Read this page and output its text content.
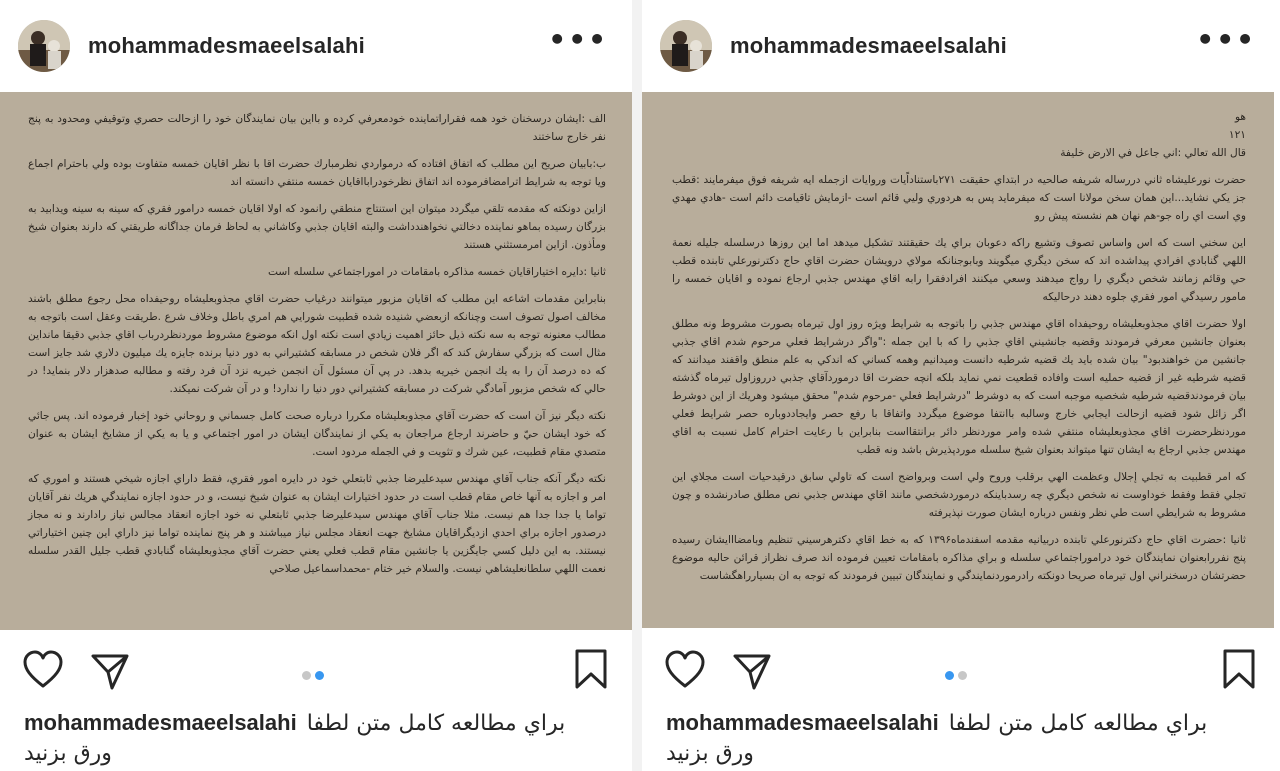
mohammadesmaeelsalahi	•••

الف :ايشان درسخنان خود همه فقراراتماينده خودمعرفي كرده و بااين بيان نمايندگان خود را ازحالت حصري وتوقيفي ومحدود به پنج نفر خارج ساختند

ب:بابيان صريح اين مطلب كه اتفاق افتاده كه درمواردي نظرمبارك حضرت اقا با نظر اقايان خمسه متفاوت بوده ولي باحترام اجماع ويا توجه به شرايط اترامضافرموده اند اتفاق نظرخودرابااقايان خمسه منتفي دانسته اند

ازاين دونكته كه مقدمه تلقي ميگردد ميتوان اين استنتاج منطقي رانمود كه اولا اقايان خمسه درامور فقري كه سينه به سينه ويدابيد به بزرگان رسيده بماهو نماينده دخالتي نخواهندداشت والبته اقايان جذبي وكاشاني به لحاظ فرمان جداگانه طريقتي كه دارند بعنوان شيخ ومأذون. ازاين امرمستثني هستند

ثانيا :دايره اختياراقايان خمسه مذاكره بامقامات در اموراجتماعي سلسله است

بنابراين مقدمات اشاعه اين مطلب كه اقايان مزبور ميتوانند درغياب حضرت اقاي مجذوبعليشاه روحيفداه محل رجوع مطلق باشند مخالف اصول تصوف است وچنانكه ازبعضي شنيده شده قطبيت شورايي هم امري باطل وخلاف شرع .طريقت وعقل است باتوجه به مطالب معنونه توجه به سه نكته ذيل حائز اهميت زيادي است نكته اول انكه موضوع مشروط موردنظردرباب اقاي جذبي دقيقا مانداين مثال است كه بزرگي سفارش كند كه اگر فلان شخص در مسابقه كشتيراني به دور دنيا برنده جايزه يك ميليون دلاري شد جايز است كه ده درصد آن را به يك انجمن خيريه بدهد. در پي آن مسئول آن انجمن خيريه نزد آن فرد رفته و مطالبه صدهزار دلار بنمايد! در حالي كه شخص مزبور آمادگي شركت در مسابقه كشتيراني دور دنيا را ندارد! و در آن شركت نميكند.

نكته ديگر نيز آن است كه حضرت آقاي مجذوبعليشاه مكررا درباره صحت كامل جسماني و روحاني خود إخبار فرموده اند. پس جائي كه خود ايشان حيّ و حاضرند ارجاع مراجعان به يكي از نمايندگان ايشان در امور اجتماعي و يا به يكي از مشايخ ايشان به عنوان متصدي مقام قطبيت، عين شرك و تثويت و في الجمله مردود است.

نكته ديگر آنكه جناب آقاي مهندس سيدعليرضا جذبي ثابتعلي خود در دايره امور فقري، فقط داراي اجازه شيخي هستند و اموري كه امر و اجازه به آنها خاص مقام قطب است در حدود اختيارات ايشان به عنوان شيخ نيست، و در حدود اجازه نمايندگي هريك نفر آقايان تواما يا جدا جدا هم نيست. مثلا جناب آقاي مهندس سيدعليرضا جذبي ثابتعلي نه خود اجازه انعقاد مجالس نياز رادارند و نه مجاز درصدور اجازه براي احدي ازديگراقايان مشايخ جهت انعقاد مجلس نياز ميباشند و هر پنج نماينده تواما نيز داراي اين چنين اختياراتي نيستند. به اين دليل كسي جايگزين يا جانشين مقام قطب فعلي يعني حضرت آقاي مجذوبعليشاه گنابادي قطب جليل القدر سلسله نعمت اللهي سلطانعليشاهي نيست. والسلام خير ختام -محمداسماعيل صلاحي

mohammadesmaeelsalahi براي مطالعه كامل متن لطفا
ورق بزنيد
mohammadesmaeelsalahi	•••

هو

۱۲۱

قال الله تعالي :اني جاعل في الارض خليفة

حضرت نورعليشاه ثاني دررساله شريفه صالحيه در ابتداي حقيقت ۲۷۱باستناداًيات وروايات ازجمله ايه شريفه فوق ميفرمايند :قطب جز يكي نشايد...اين همان سخن مولانا است كه ميفرمايد پس به هردوري وليي قائم است -ازمايش تاقيامت دائم است -هادي مهدي وي است اي راه جو-هم نهان هم نشسته پيش رو

اين سخني است كه اس واساس تصوف وتشيع راكه دعوبان براي يك حقيقتند تشكيل ميدهد اما اين روزها درسلسله جليله نعمة اللهي گنابادي افرادي پيداشده اند كه سخن ديگري ميگويند وبابوجنانكه مولاي درويشان حضرت اقاي حاج دكترنورعلي تابنده قطب حي وقائم زمانند شخص ديگري را رواج ميدهند وسعي ميكنند افرادفقرا رابه اقاي مهندس جذبي ارجاع نموده و اقايان خمسه را مامور رسيدگي امور فقري جلوه دهند درحاليكه

اولا حضرت اقاي مجذوبعليشاه روحيفداه اقاي مهندس جذبي را باتوجه به شرايط ويژه روز اول تيرماه بصورت مشروط ونه مطلق بعنوان جانشين معرفي فرمودند وقضيه جانشيني اقاي جذبي را كه با اين جمله :"واگر درشرايط فعلي مرحوم شدم اقاي جذبي جانشين من خواهندبود" بيان شده بايد يك قضيه شرطيه دانست وميدانيم وهمه كساني كه اندكي به علم منطق واقفند ميدانند كه قضيه شرطيه غير از قضيه حمليه است وافاده قطعيت نمي نمايد بلكه انچه حضرت اقا درموردآقاي جذبي درروزاول تيرماه گذشته بيان فرمودندقضيه شرطيه شخصيه موجبه است كه به دوشرط "درشرايط فعلي -مرحوم شدم" محقق ميشود وهريك از اين دوشرط اگر زائل شود قضيه ازحالت ايجابي خارج وسالبه باانتفا موضوع ميگردد واتفاقا با رفع حصر وايجاددوباره حصر شرايط فعلي موردنظرحضرت اقاي مجذوبعليشاه منتفي شده وامر موردنظر دائر برانتقااست بنابراين با رعايت احترام كامل نسبت به اقاي مهندس جذبي ارجاع به ايشان تنها ميتواند بعنوان شيخ سلسله موردپذيرش باشد ونه قطب

كه امر قطبيت به تجلي إجلال وعظمت الهي برقلب وروح ولي است وبرواضح است كه تاولي سابق درقيدحيات است مجلاي اين تجلي فقط وفقط خوداوست نه شخص ديگري چه رسدباينكه درموردشخصي مانند اقاي مهندس جذبي نص مطلق صادرنشده و چون مشروط به شرايطي است طي نظر ونفس درباره ايشان صورت نپذيرفته

ثانيا :حضرت اقاي حاج دكترنورعلي تابنده دربيانيه مقدمه اسفندماه۱۳۹۶ كه به خط اقاي دكترهرسيني تنظيم وبامضااايشان رسيده پنج نفررابعنوان نمايندگان خود دراموراجتماعي سلسله و براي مذاكره بامقامات تعيين فرموده اند صرف نظراز قرائن حاليه موضوع حضرتشان درسخنراني اول تيرماه صريحا دونكته رادرموردنمايندگي و نمايندگان تبيين فرمودند كه توجه به ان بسيارراهگشاست

mohammadesmaeelsalahi براي مطالعه كامل متن لطفا
ورق بزنيد
